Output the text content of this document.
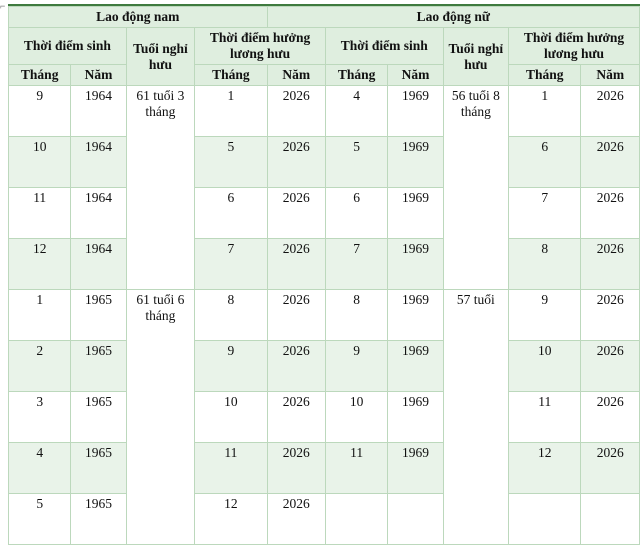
⌐
Lao động nam				Lao động nữ					
Thời điểm sinh		Tuổi nghỉ hưu	Thời điểm hưởng lương hưu		Thời điểm sinh		Tuổi nghỉ hưu	Thời điểm hưởng lương hưu	
Tháng	Năm		Tháng	Năm	Tháng	Năm		Tháng	Năm
9	1964	61 tuổi 3 tháng	1	2026	4	1969	56 tuổi 8 tháng	1	2026
10	1964		5	2026	5	1969		6	2026
11	1964		6	2026	6	1969		7	2026
12	1964		7	2026	7	1969		8	2026
1	1965	61 tuổi 6 tháng	8	2026	8	1969	57 tuổi	9	2026
2	1965		9	2026	9	1969		10	2026
3	1965		10	2026	10	1969		11	2026
4	1965		11	2026	11	1969		12	2026
5	1965		12	2026					
